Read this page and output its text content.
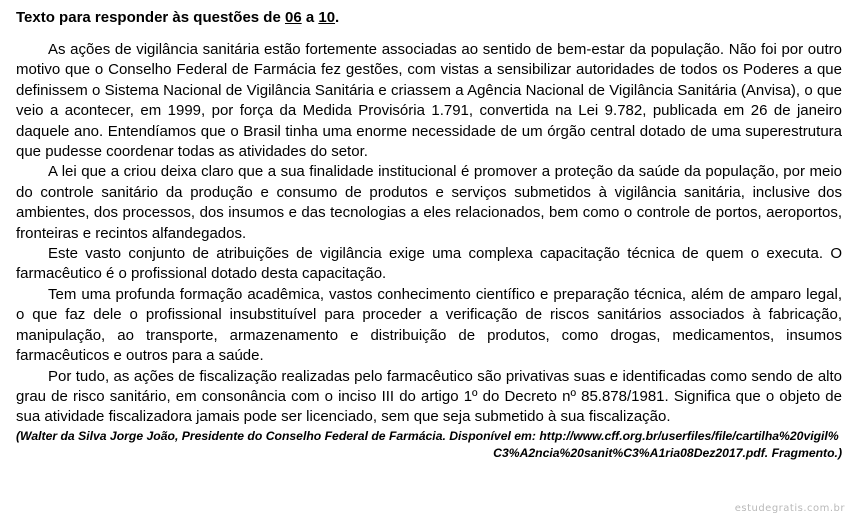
Texto para responder às questões de 06 a 10.

As ações de vigilância sanitária estão fortemente associadas ao sentido de bem-estar da população. Não foi por outro motivo que o Conselho Federal de Farmácia fez gestões, com vistas a sensibilizar autoridades de todos os Poderes a que definissem o Sistema Nacional de Vigilância Sanitária e criassem a Agência Nacional de Vigilância Sanitária (Anvisa), o que veio a acontecer, em 1999, por força da Medida Provisória 1.791, convertida na Lei 9.782, publicada em 26 de janeiro daquele ano. Entendíamos que o Brasil tinha uma enorme necessidade de um órgão central dotado de uma superestrutura que pudesse coordenar todas as atividades do setor.

A lei que a criou deixa claro que a sua finalidade institucional é promover a proteção da saúde da população, por meio do controle sanitário da produção e consumo de produtos e serviços submetidos à vigilância sanitária, inclusive dos ambientes, dos processos, dos insumos e das tecnologias a eles relacionados, bem como o controle de portos, aeroportos, fronteiras e recintos alfandegados.

Este vasto conjunto de atribuições de vigilância exige uma complexa capacitação técnica de quem o executa. O farmacêutico é o profissional dotado desta capacitação.

Tem uma profunda formação acadêmica, vastos conhecimento científico e preparação técnica, além de amparo legal, o que faz dele o profissional insubstituível para proceder a verificação de riscos sanitários associados à fabricação, manipulação, ao transporte, armazenamento e distribuição de produtos, como drogas, medicamentos, insumos farmacêuticos e outros para a saúde.

Por tudo, as ações de fiscalização realizadas pelo farmacêutico são privativas suas e identificadas como sendo de alto grau de risco sanitário, em consonância com o inciso III do artigo 1º do Decreto nº 85.878/1981. Significa que o objeto de sua atividade fiscalizadora jamais pode ser licenciado, sem que seja submetido à sua fiscalização.

(Walter da Silva Jorge João, Presidente do Conselho Federal de Farmácia. Disponível em: http://www.cff.org.br/userfiles/file/cartilha%20vigil%
C3%A2ncia%20sanit%C3%A1ria08Dez2017.pdf. Fragmento.)

estudegratis.com.br
